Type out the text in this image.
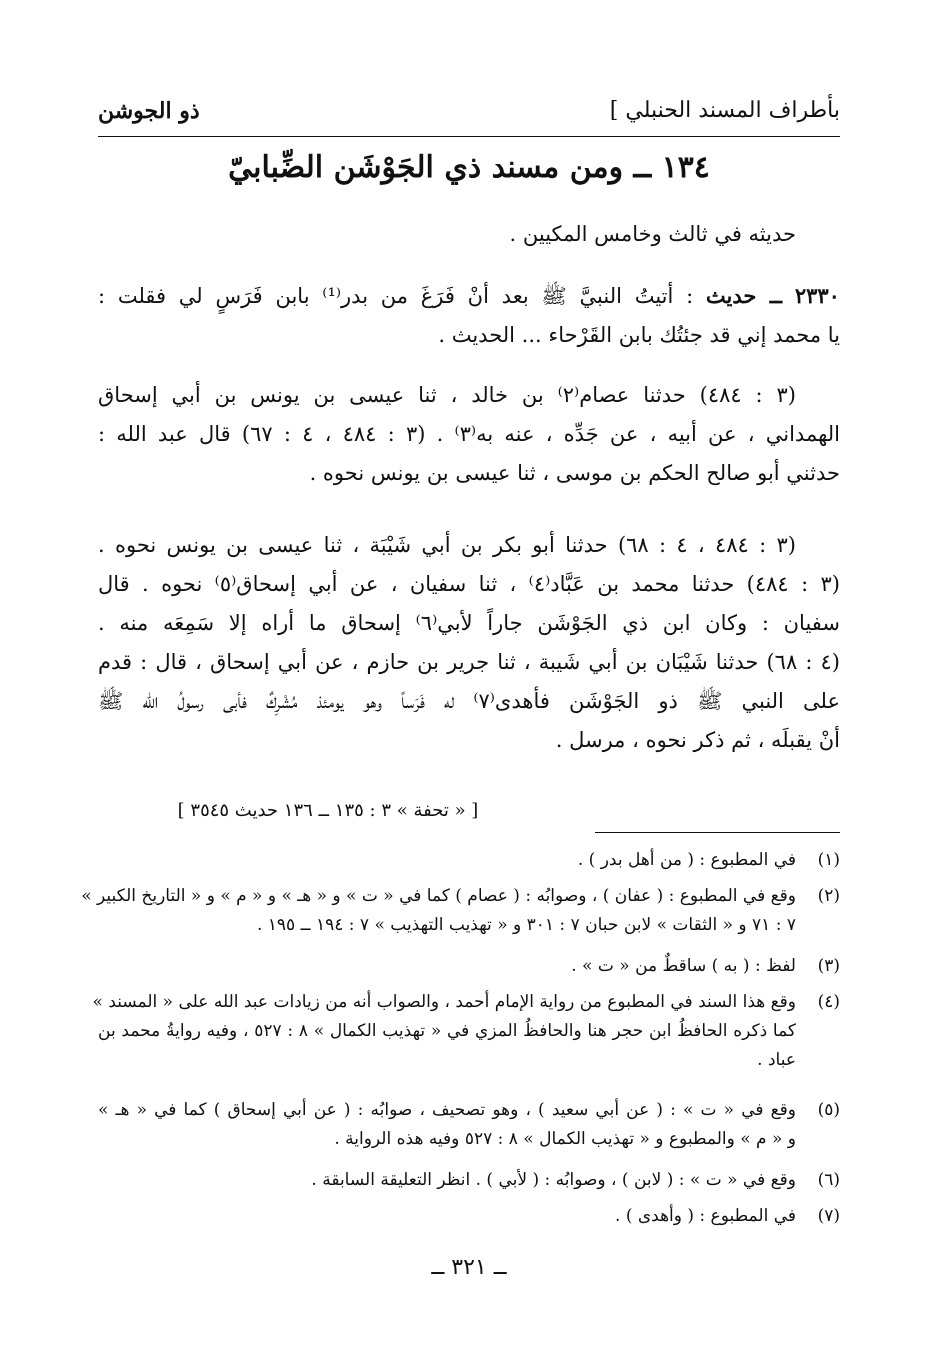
بأطراف المسند الحنبلي ]
ذو الجوشن
١٣٤ ــ ومن مسند ذي الجَوْشَن الضِّبابيّ

حديثه في ثالث وخامس المكيين .

٢٣٣٠ ــ حديث : أتيتُ النبيَّ ﷺ بعد أنْ فَرَغَ من بدر⁽¹⁾ بابن فَرَسٍ لي فقلت :
يا محمد إني قد جئتُك بابن القَرْحاء ... الحديث .
(٣ : ٤٨٤) حدثنا عصام⁽٢⁾ بن خالد ، ثنا عيسى بن يونس بن أبي إسحاق
الهمداني ، عن أبيه ، عن جَدِّه ، عنه به⁽٣⁾ . (٣ : ٤٨٤ ، ٤ : ٦٧) قال عبد الله :
حدثني أبو صالح الحكم بن موسى ، ثنا عيسى بن يونس نحوه .
(٣ : ٤٨٤ ، ٤ : ٦٨) حدثنا أبو بكر بن أبي شَيْبَة ، ثنا عيسى بن يونس نحوه .
(٣ : ٤٨٤) حدثنا محمد بن عَبَّاد⁽٤⁾ ، ثنا سفيان ، عن أبي إسحاق⁽٥⁾ نحوه . قال
سفيان : وكان ابن ذي الجَوْشَن جاراً لأبي⁽٦⁾ إسحاق ما أراه إلا سَمِعَه منه .
(٤ : ٦٨) حدثنا شَيْبَان بن أبي شَيبة ، ثنا جرير بن حازم ، عن أبي إسحاق ، قال : قدم
على النبي ﷺ ذو الجَوْشَن فأهدى⁽٧⁾ له فَرَساً وهو يومئذ مُشْرِكٌ فأبى رسولُ الله ﷺ
أنْ يقبلَه ، ثم ذكر نحوه ، مرسل .
[ « تحفة » ٣ : ١٣٥ ــ ١٣٦ حديث ٣٥٤٥ ]
(١)
في المطبوع : ( من أهل بدر ) .
(٢)
وقع في المطبوع : ( عفان ) ، وصوابُه : ( عصام ) كما في « ت » و « هـ » و « م » و « التاريخ الكبير »
٧ : ٧١ و « الثقات » لابن حبان ٧ : ٣٠١ و « تهذيب التهذيب » ٧ : ١٩٤ ــ ١٩٥ .
(٣)
لفظ : ( به ) ساقطٌ من « ت » .
(٤)
وقع هذا السند في المطبوع من رواية الإمام أحمد ، والصواب أنه من زيادات عبد الله على « المسند »
كما ذكره الحافظُ ابن حجر هنا والحافظُ المزي في « تهذيب الكمال » ٨ : ٥٢٧ ، وفيه روايةُ محمد بن
عباد .
(٥)
وقع في « ت » : ( عن أبي سعيد ) ، وهو تصحيف ، صوابُه : ( عن أبي إسحاق ) كما في « هـ »
و « م » والمطبوع و « تهذيب الكمال » ٨ : ٥٢٧ وفيه هذه الرواية .
(٦)
وقع في « ت » : ( لابن ) ، وصوابُه : ( لأبي ) . انظر التعليقة السابقة .
(٧)
في المطبوع : ( وأهدى ) .
ــ ٣٢١ ــ
